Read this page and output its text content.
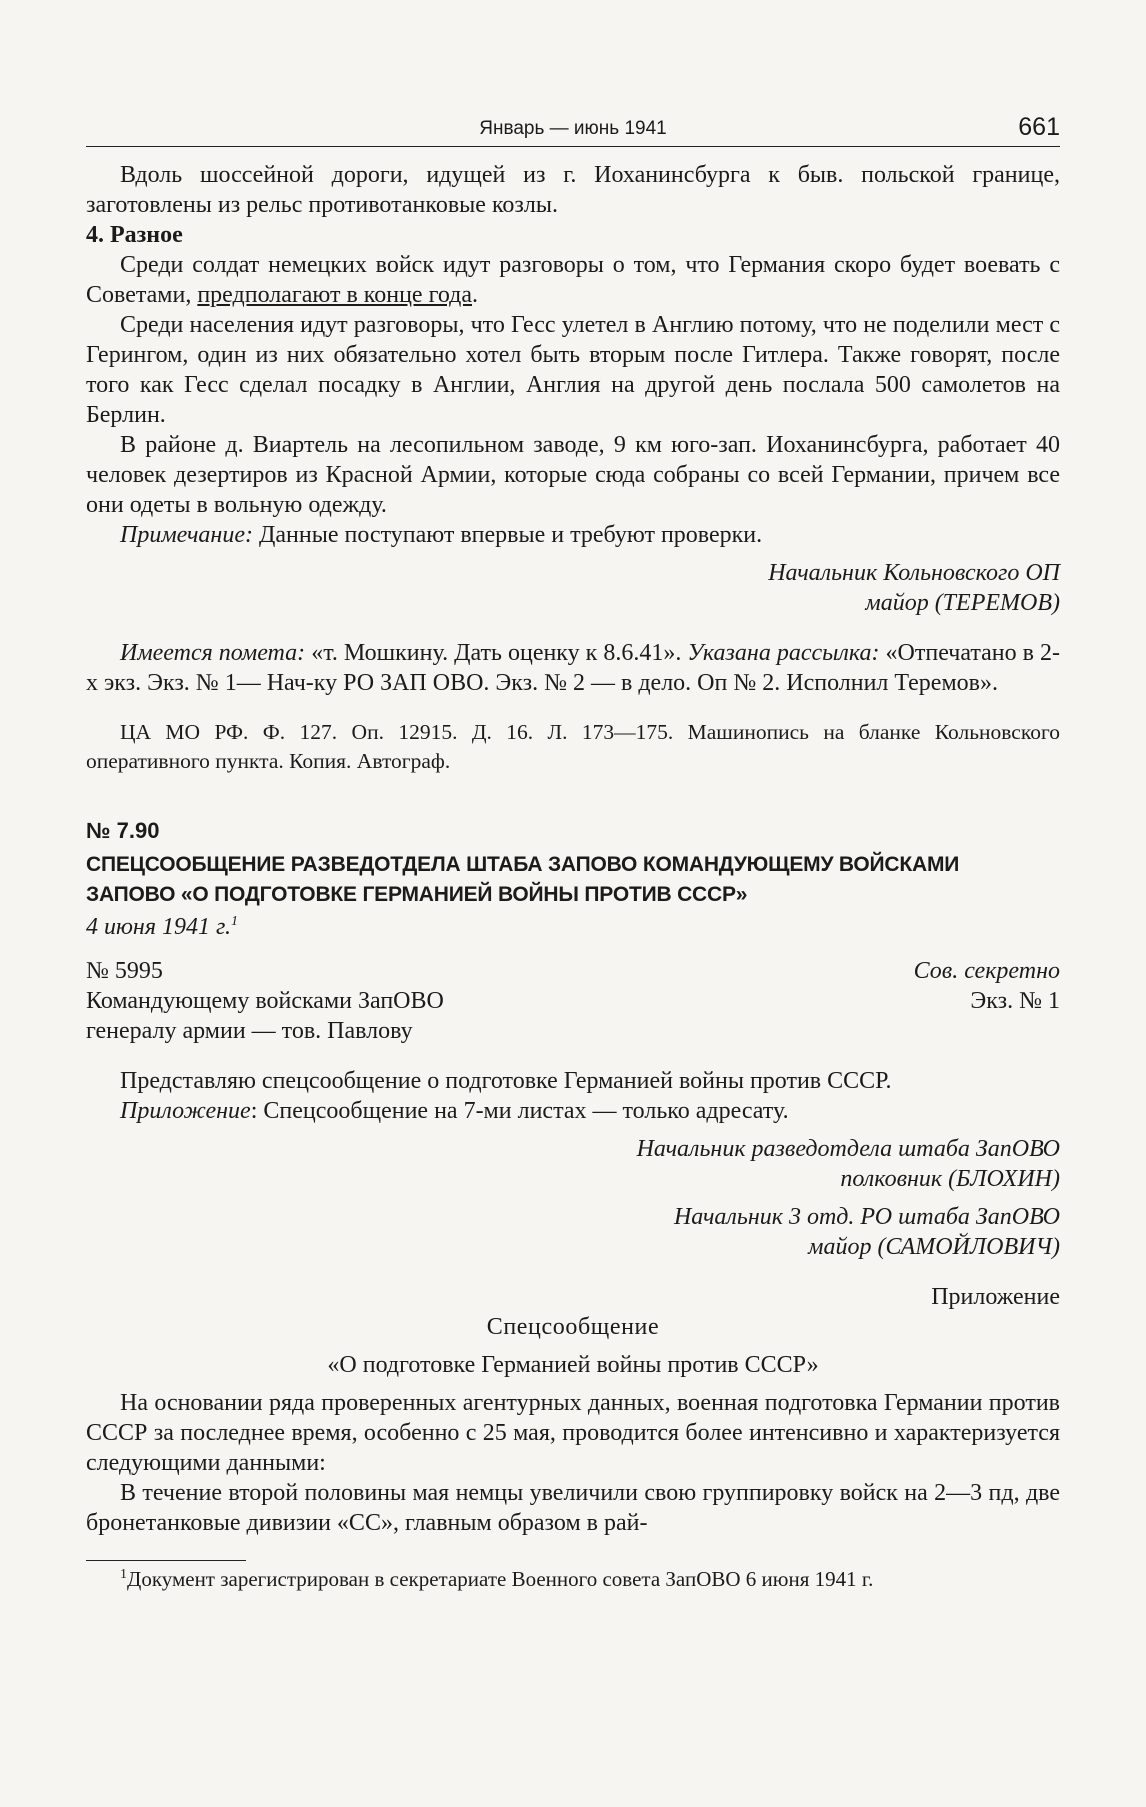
Январь — июнь 1941	661

Вдоль шоссейной дороги, идущей из г. Иоханинсбурга к быв. польской границе, заготовлены из рельс противотанковые козлы.

4. Разное

Среди солдат немецких войск идут разговоры о том, что Германия скоро будет воевать с Советами, предполагают в конце года.

Среди населения идут разговоры, что Гесс улетел в Англию потому, что не поделили мест с Герингом, один из них обязательно хотел быть вторым после Гитлера. Также говорят, после того как Гесс сделал посадку в Англии, Англия на другой день послала 500 самолетов на Берлин.

В районе д. Виартель на лесопильном заводе, 9 км юго-зап. Иоханинсбурга, работает 40 человек дезертиров из Красной Армии, которые сюда собраны со всей Германии, причем все они одеты в вольную одежду.

Примечание: Данные поступают впервые и требуют проверки.

Начальник Кольновского ОП

майор (ТЕРЕМОВ)

Имеется помета: «т. Мошкину. Дать оценку к 8.6.41». Указана рассылка: «Отпечатано в 2-х экз. Экз. № 1— Нач-ку РО ЗАП ОВО. Экз. № 2 — в дело. Оп № 2. Исполнил Теремов».

ЦА МО РФ. Ф. 127. Оп. 12915. Д. 16. Л. 173—175. Машинопись на бланке Кольновского оперативного пункта. Копия. Автограф.

№ 7.90
СПЕЦСООБЩЕНИЕ РАЗВЕДОТДЕЛА ШТАБА ЗАПОВО КОМАНДУЮЩЕМУ ВОЙСКАМИ
ЗАПОВО «О ПОДГОТОВКЕ ГЕРМАНИЕЙ ВОЙНЫ ПРОТИВ СССР»

4 июня 1941 г.$^1$

№ 5995	Сов. секретно

Экз. № 1

Командующему войсками ЗапОВО

генералу армии — тов. Павлову

Представляю спецсообщение о подготовке Германией войны против СССР.

Приложение: Спецсообщение на 7-ми листах — только адресату.

Начальник разведотдела штаба ЗапОВО

полковник (БЛОХИН)

Начальник 3 отд. РО штаба ЗапОВО

майор (САМОЙЛОВИЧ)

Приложение

Спецсообщение

«О подготовке Германией войны против СССР»

На основании ряда проверенных агентурных данных, военная подготовка Германии против СССР за последнее время, особенно с 25 мая, проводится более интенсивно и характеризуется следующими данными:

В течение второй половины мая немцы увеличили свою группировку войск на 2—3 пд, две бронетанковые дивизии «СС», главным образом в рай-

$^1$Документ зарегистрирован в секретариате Военного совета ЗапОВО 6 июня 1941 г.
